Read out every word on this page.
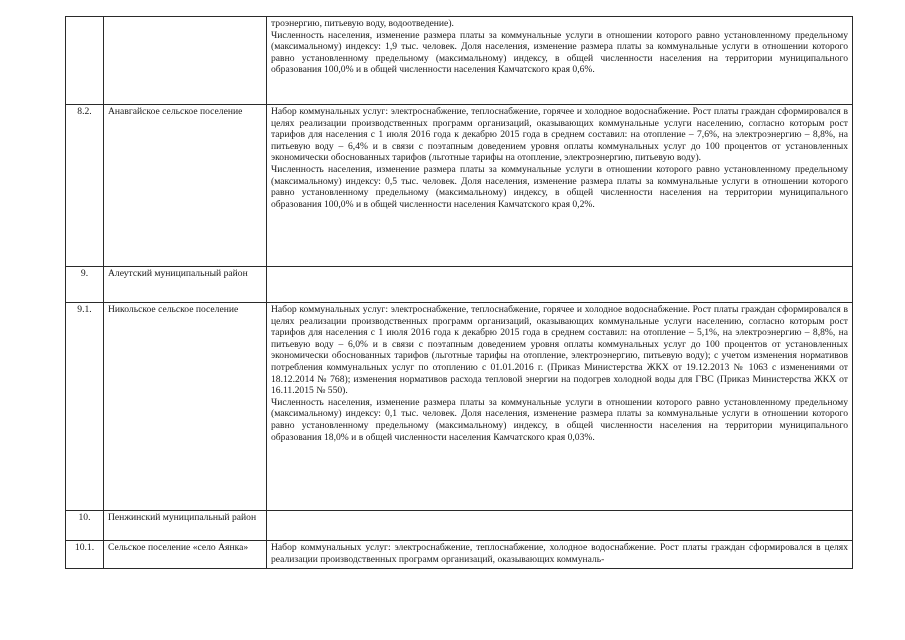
		троэнергию, питьевую воду, водоотведение).

Численность населения, изменение размера платы за коммунальные услуги в отношении которого равно установленному предельному (максимальному) индексу: 1,9 тыс. человек. Доля населения, изменение размера платы за коммунальные услуги в отношении которого равно установленному предельному (максимальному) индексу, в общей численности населения на территории муниципального образования 100,0% и в общей численности населения Камчатского края 0,6%.

8.2.	Анавгайское сельское поселение	Набор коммунальных услуг: электроснабжение, теплоснабжение, горячее и холодное водоснабжение. Рост платы граждан сформировался в целях реализации производственных программ организаций, оказывающих коммунальные услуги населению, согласно которым рост тарифов для населения с 1 июля 2016 года к декабрю 2015 года в среднем составил: на отопление – 7,6%, на электроэнергию – 8,8%, на питьевую воду – 6,4% и в связи с поэтапным доведением уровня оплаты коммунальных услуг до 100 процентов от установленных экономически обоснованных тарифов (льготные тарифы на отопление, электроэнергию, питьевую воду).

Численность населения, изменение размера платы за коммунальные услуги в отношении которого равно установленному предельному (максимальному) индексу: 0,5 тыс. человек. Доля населения, изменение размера платы за коммунальные услуги в отношении которого равно установленному предельному (максимальному) индексу, в общей численности населения на территории муниципального образования 100,0% и в общей численности населения Камчатского края 0,2%.

9.	Алеутский муниципальный район	
9.1.	Никольское сельское поселение	Набор коммунальных услуг: электроснабжение, теплоснабжение, горячее и холодное водоснабжение. Рост платы граждан сформировался в целях реализации производственных программ организаций, оказывающих коммунальные услуги населению, согласно которым рост тарифов для населения с 1 июля 2016 года к декабрю 2015 года в среднем составил: на отопление – 5,1%, на электроэнергию – 8,8%, на питьевую воду – 6,0% и в связи с поэтапным доведением уровня оплаты коммунальных услуг до 100 процентов от установленных экономически обоснованных тарифов (льготные тарифы на отопление, электроэнергию, питьевую воду); с учетом изменения нормативов потребления коммунальных услуг по отоплению с 01.01.2016 г. (Приказ Министерства ЖКХ от 19.12.2013 № 1063 с изменениями от 18.12.2014 № 768); изменения нормативов расхода тепловой энергии на подогрев холодной воды для ГВС (Приказ Министерства ЖКХ от 16.11.2015 № 550).

Численность населения, изменение размера платы за коммунальные услуги в отношении которого равно установленному предельному (максимальному) индексу: 0,1 тыс. человек. Доля населения, изменение размера платы за коммунальные услуги в отношении которого равно установленному предельному (максимальному) индексу, в общей численности населения на территории муниципального образования 18,0% и в общей численности населения Камчатского края 0,03%.

10.	Пенжинский муниципальный район	
10.1.	Сельское поселение «село Аянка»	Набор коммунальных услуг: электроснабжение, теплоснабжение, холодное водоснабжение. Рост платы граждан сформировался в целях реализации производственных программ организаций, оказывающих коммуналь-
